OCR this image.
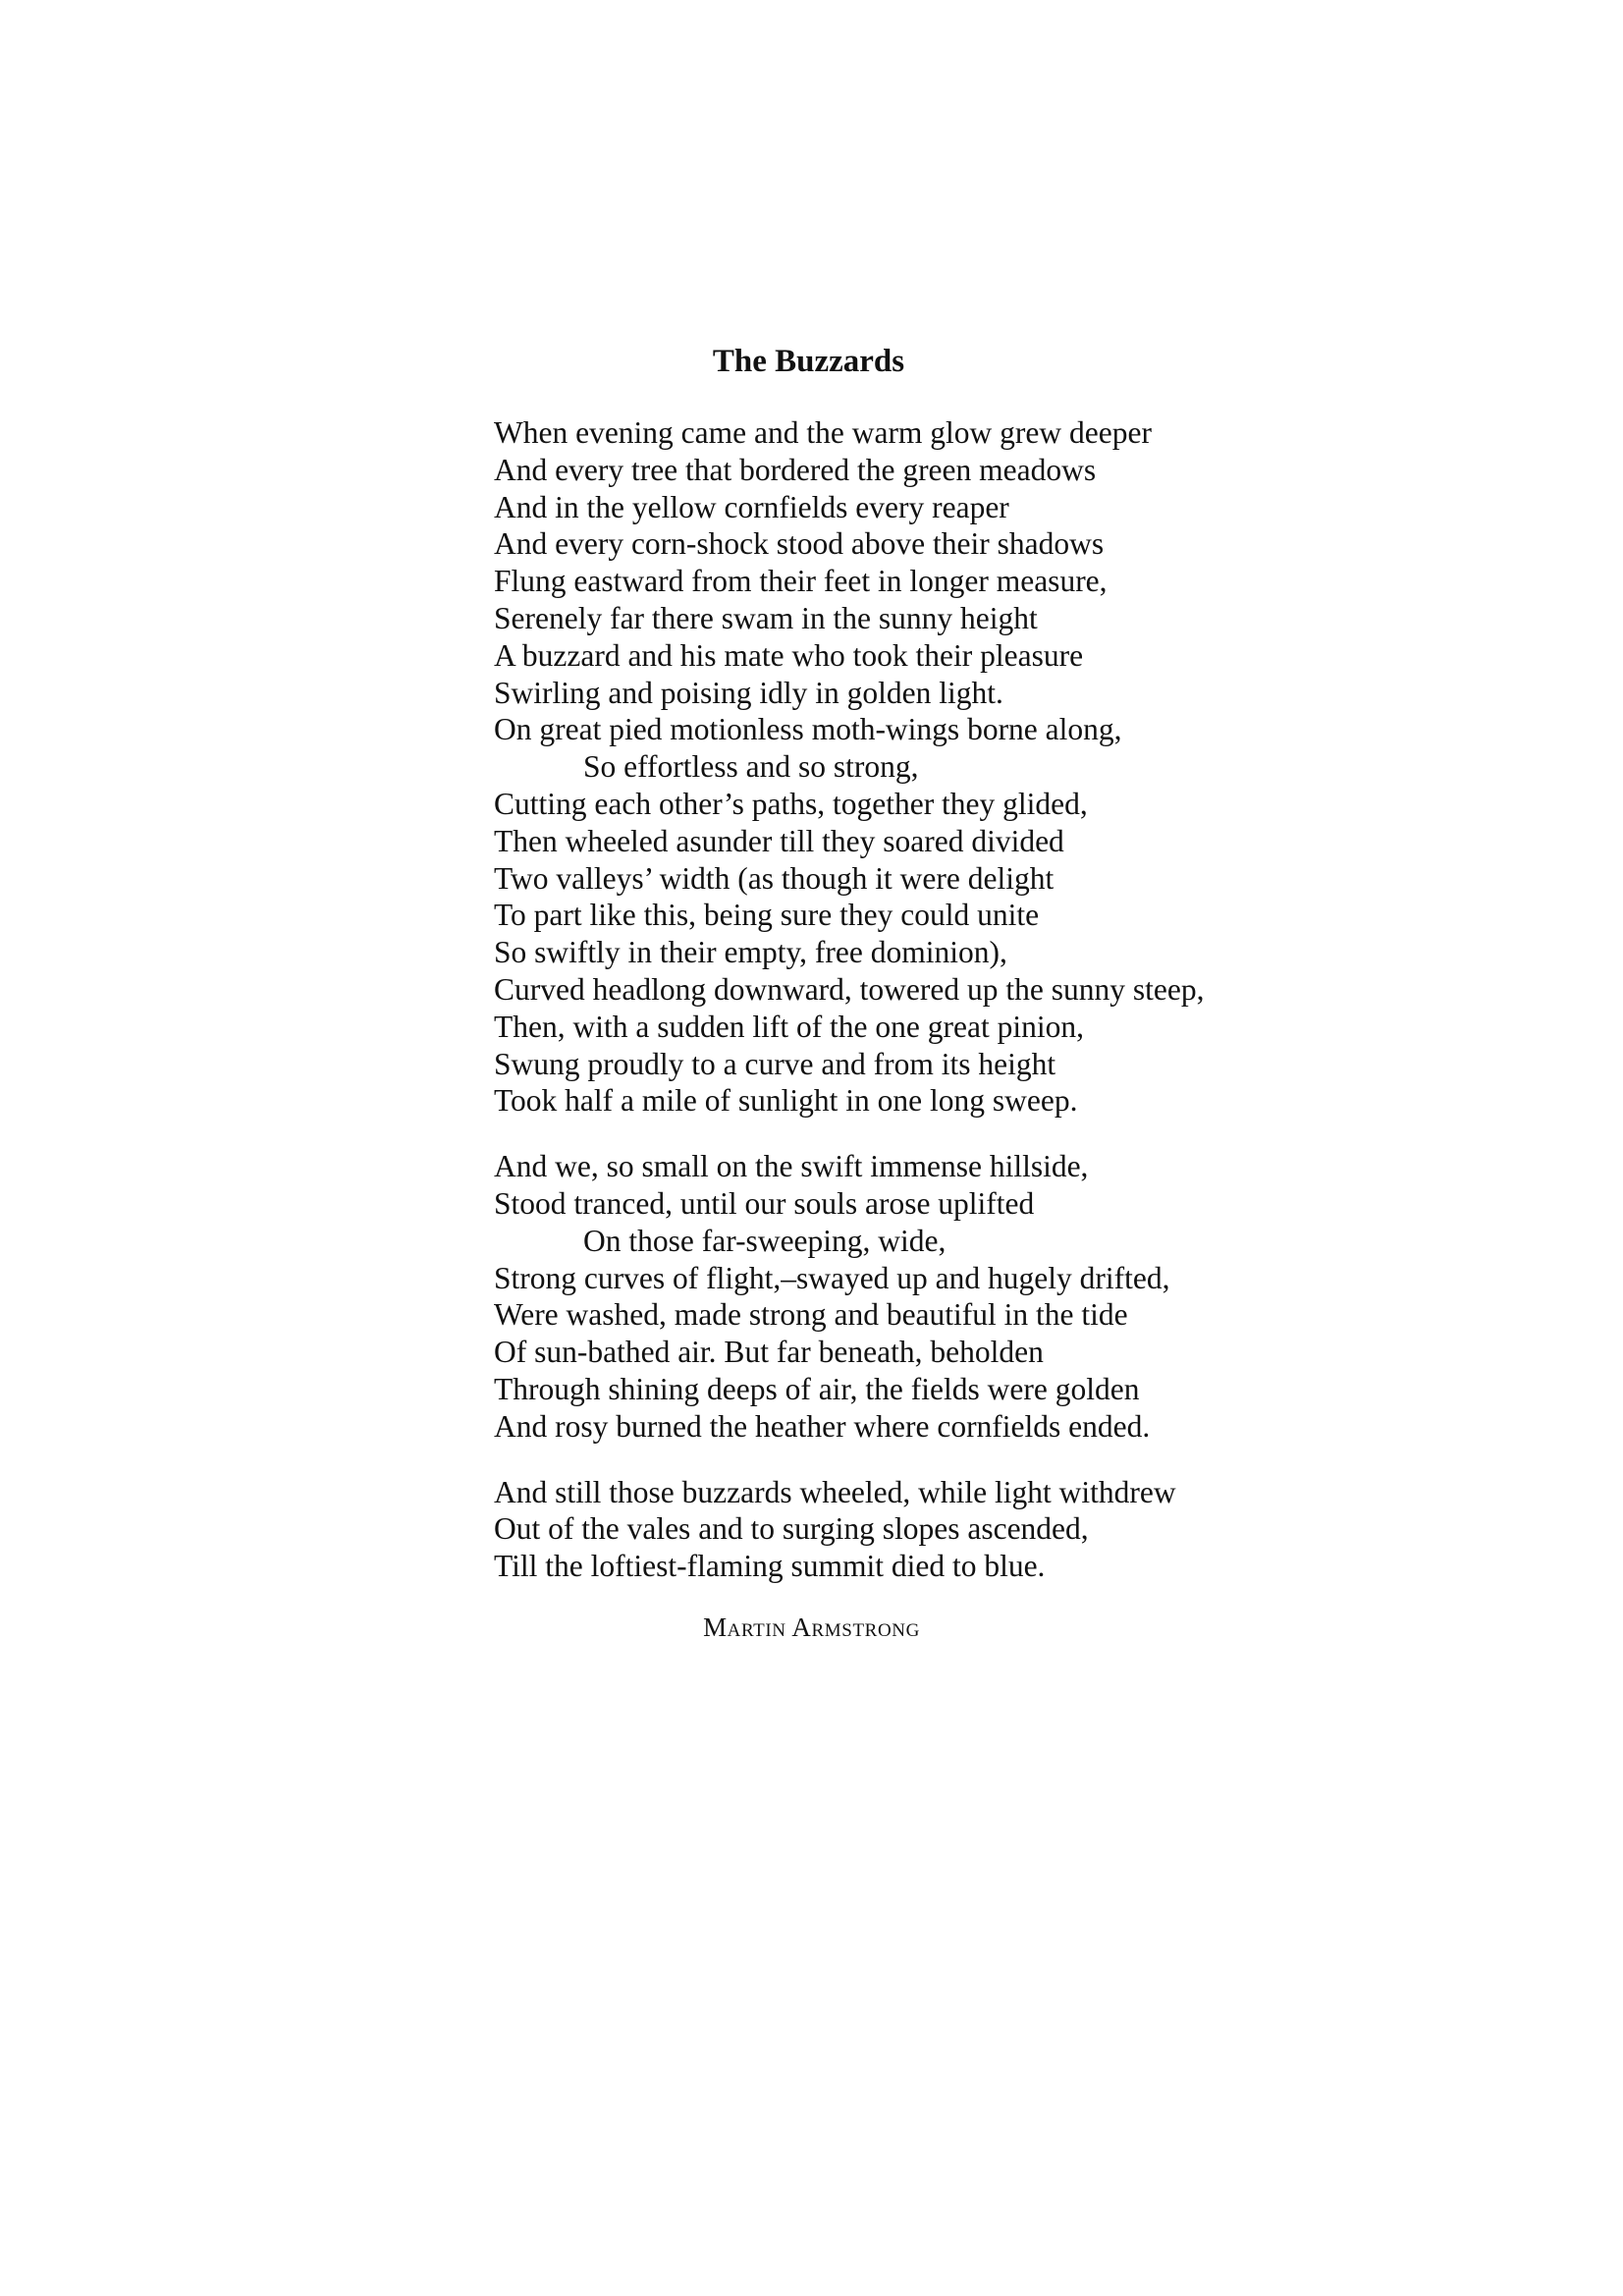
The Buzzards
When evening came and the warm glow grew deeper
And every tree that bordered the green meadows
And in the yellow cornfields every reaper
And every corn-shock stood above their shadows
Flung eastward from their feet in longer measure,
Serenely far there swam in the sunny height
A buzzard and his mate who took their pleasure
Swirling and poising idly in golden light.
On great pied motionless moth-wings borne along,
So effortless and so strong,
Cutting each other’s paths, together they glided,
Then wheeled asunder till they soared divided
Two valleys’ width (as though it were delight
To part like this, being sure they could unite
So swiftly in their empty, free dominion),
Curved headlong downward, towered up the sunny steep,
Then, with a sudden lift of the one great pinion,
Swung proudly to a curve and from its height
Took half a mile of sunlight in one long sweep.
And we, so small on the swift immense hillside,
Stood tranced, until our souls arose uplifted
On those far-sweeping, wide,
Strong curves of flight,–swayed up and hugely drifted,
Were washed, made strong and beautiful in the tide
Of sun-bathed air. But far beneath, beholden
Through shining deeps of air, the fields were golden
And rosy burned the heather where cornfields ended.
And still those buzzards wheeled, while light withdrew
Out of the vales and to surging slopes ascended,
Till the loftiest-flaming summit died to blue.
Martin Armstrong
